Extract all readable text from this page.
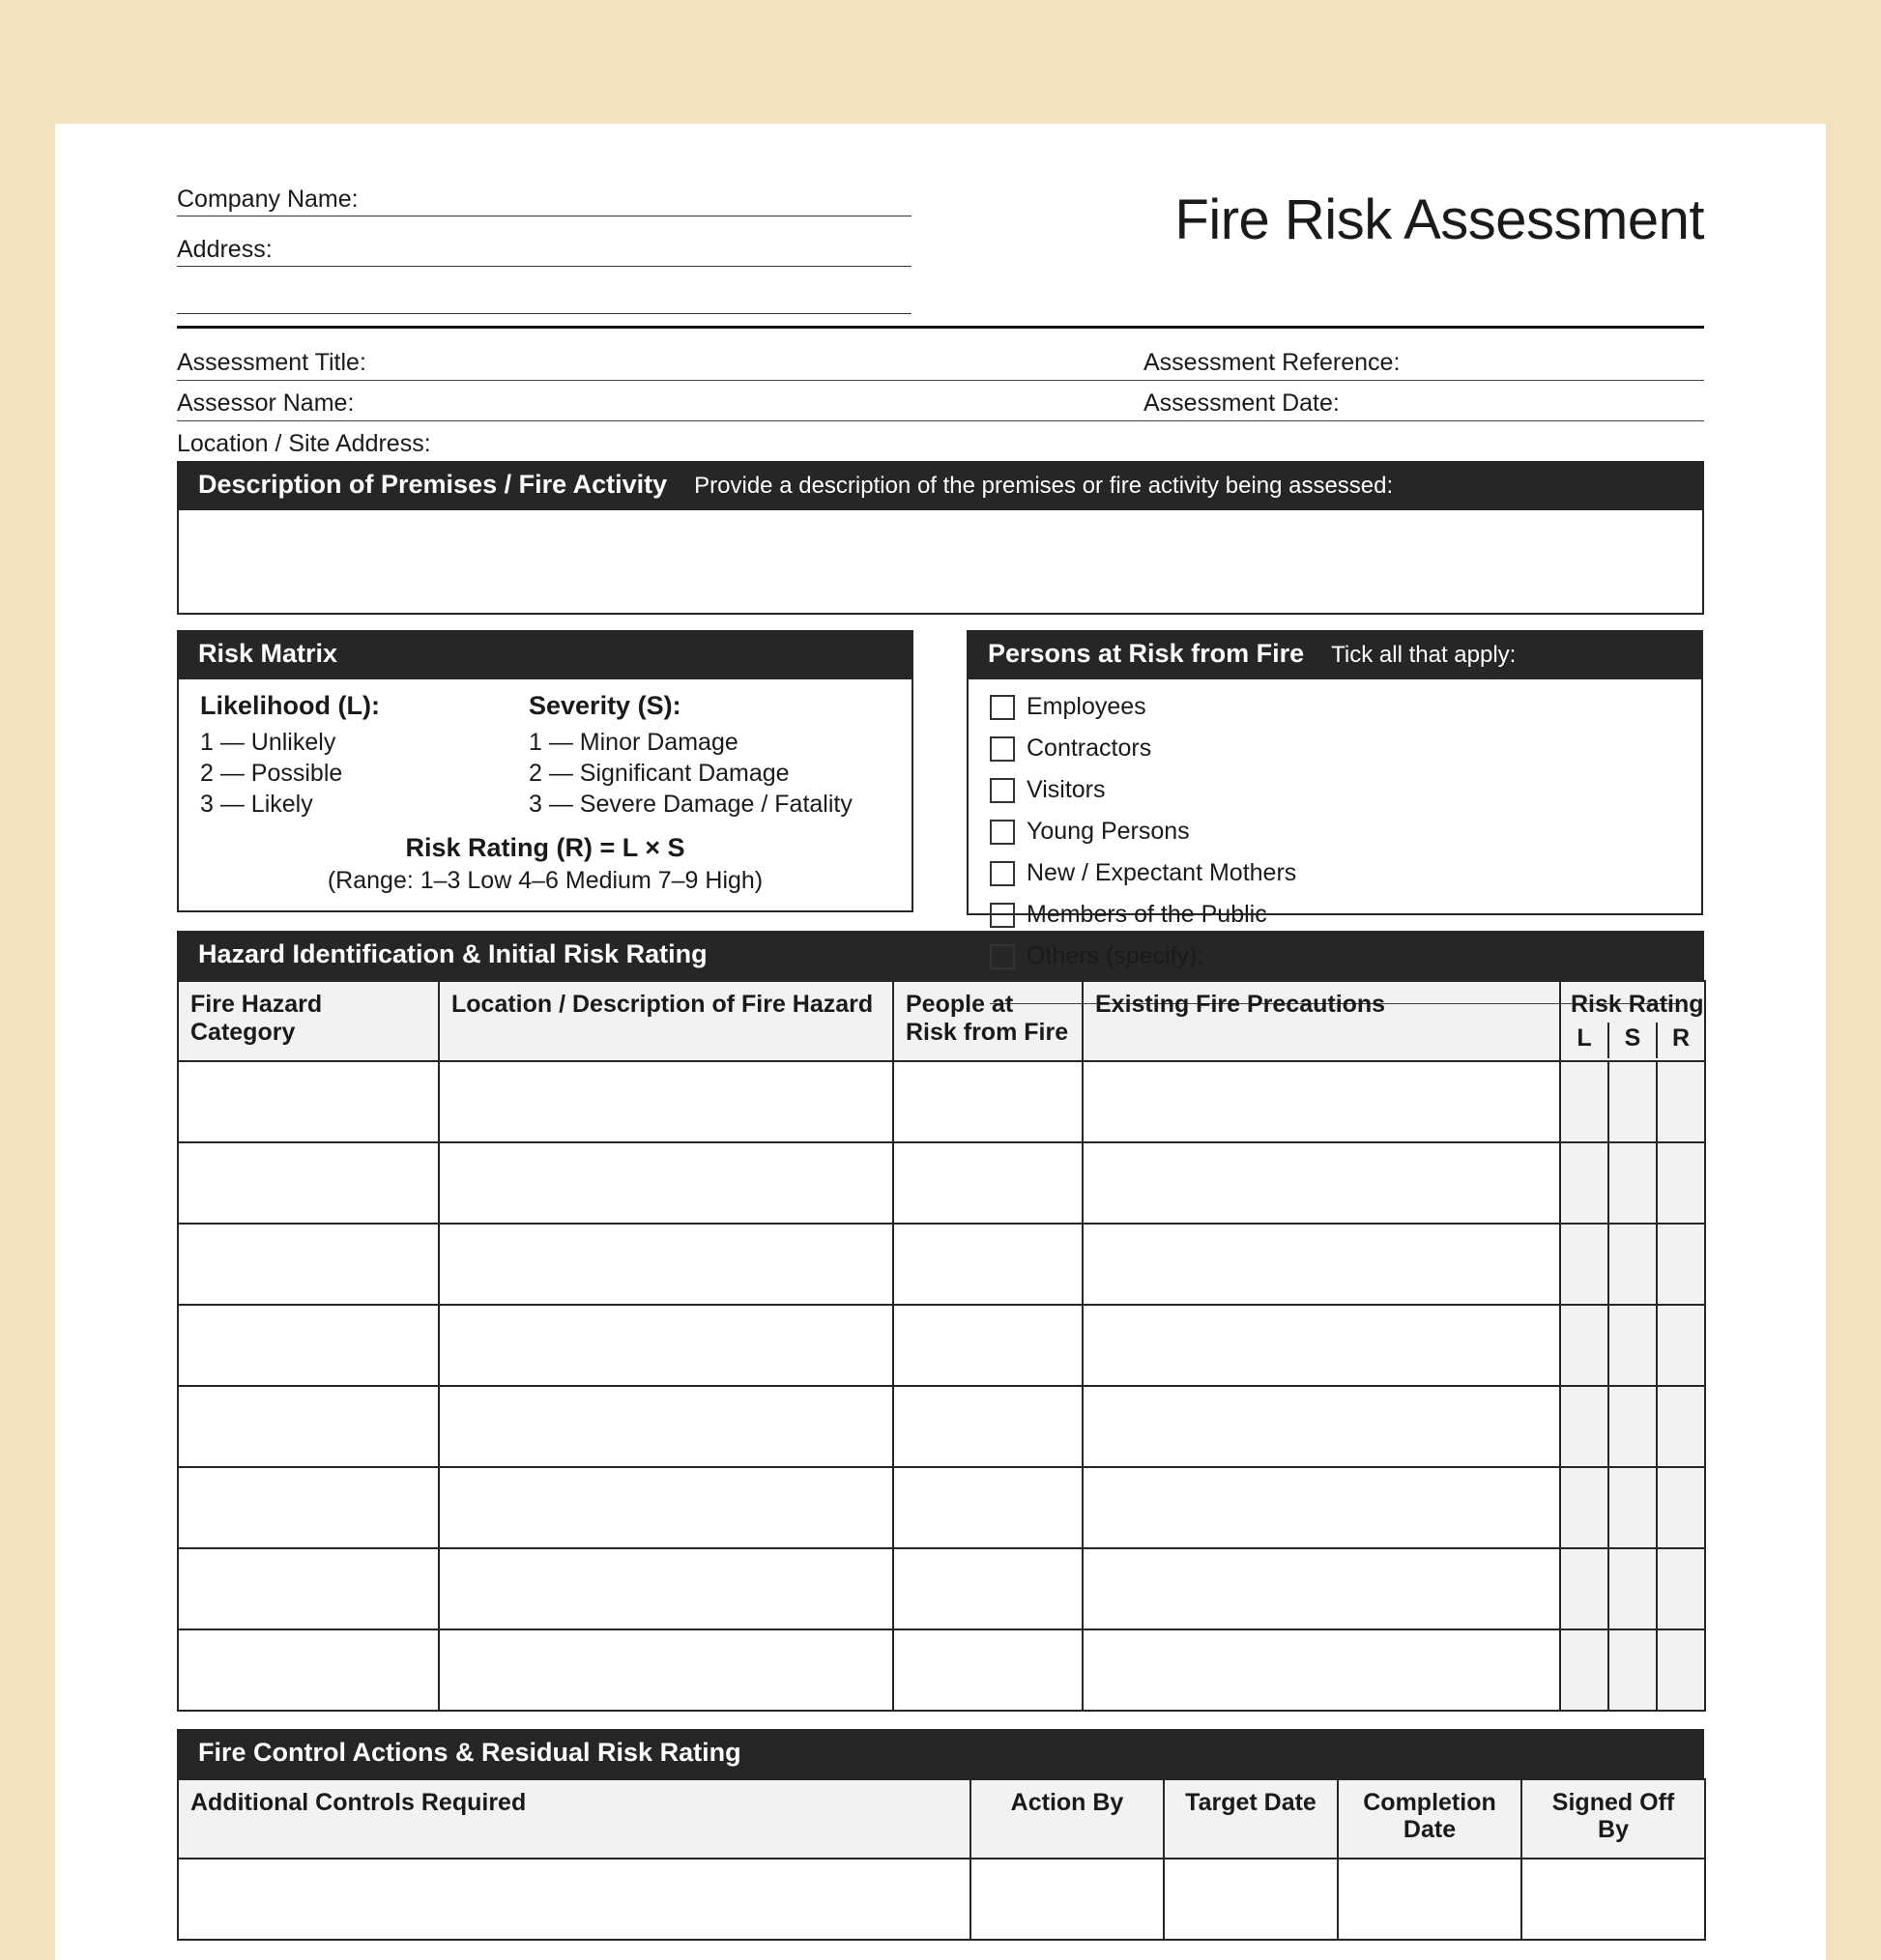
Company Name:
Address:	Fire Risk Assessment
Assessment Title:	Assessment Reference:
Assessor Name:	Assessment Date:
Location / Site Address:
Description of Premises / Fire Activity Provide a description of the premises or fire activity being assessed:
Risk Matrix
Likelihood (L):
1 — Unlikely
2 — Possible
3 — Likely
Severity (S):
1 — Minor Damage
2 — Significant Damage
3 — Severe Damage / Fatality
Risk Rating (R) = L × S
(Range: 1–3 Low 4–6 Medium 7–9 High)
Persons at Risk from Fire Tick all that apply:
Employees
Contractors
Visitors
Young Persons
New / Expectant Mothers
Members of the Public
Others (specify):
Hazard Identification & Initial Risk Rating
Fire Hazard Category	Location / Description of Fire Hazard	People at Risk from Fire	Existing Fire Precautions	Risk Rating
L S R

Fire Control Actions & Residual Risk Rating
Additional Controls Required	Action By	Target Date	Completion Date	Signed Off By
